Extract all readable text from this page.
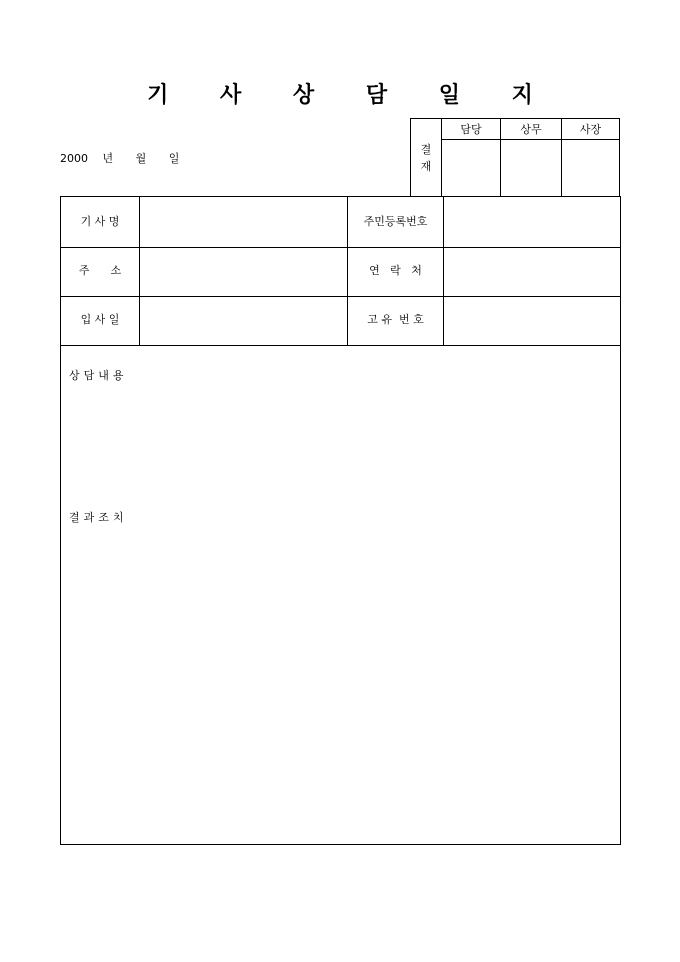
기 사 상 담 일 지
2000 년 월 일
결
재	담당	상무	사장

기 사 명	주민등록번호
주      소	연   락   처
입 사 일	고 유  번 호
상담내용
결과조치
